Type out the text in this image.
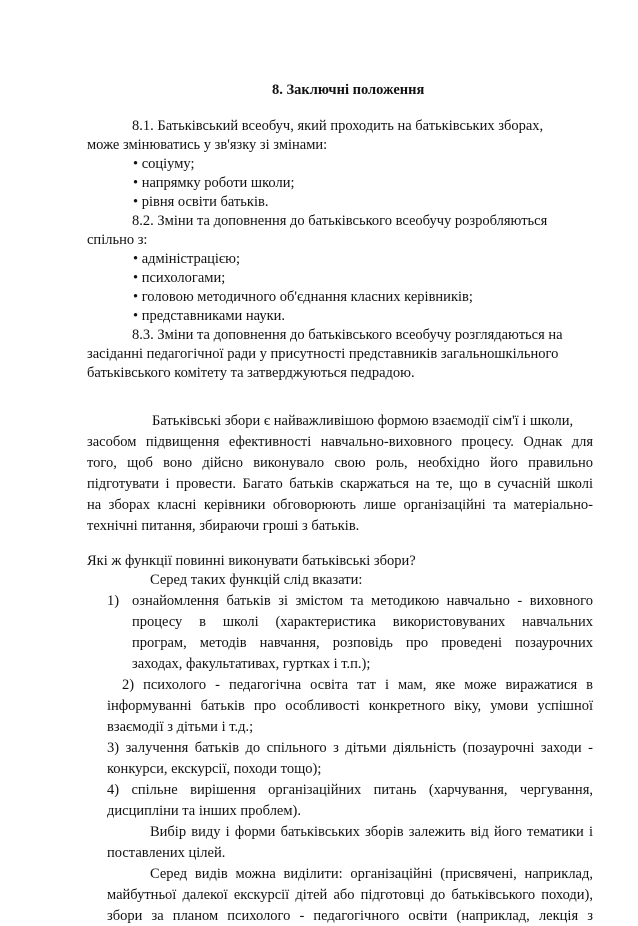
8. Заключні положення
8.1. Батьківський всеобуч, який проходить на батьківських зборах,
може змінюватись у зв'язку зі змінами:
• соціуму;
• напрямку роботи школи;
• рівня освіти батьків.
8.2. Зміни та доповнення до батьківського всеобучу розробляються
спільно з:
• адміністрацією;
• психологами;
• головою методичного об'єднання класних керівників;
• представниками науки.
8.3. Зміни та доповнення до батьківського всеобучу розглядаються на
засіданні педагогічної ради у присутності представників загальношкільного
батьківського комітету та затверджуються педрадою.
Батьківські збори є найважливішою формою взаємодії сім'ї і школи,
засобом підвищення ефективності навчально-виховного процесу. Однак для
того, щоб воно дійсно виконувало свою роль, необхідно його правильно
підготувати і провести. Багато батьків скаржаться на те, що в сучасній школі
на зборах класні керівники обговорюють лише організаційні та матеріально-
технічні питання, збираючи гроші з батьків.
Які ж функції повинні виконувати батьківські збори?
Серед таких функцій слід вказати:
1) ознайомлення батьків зі змістом та методикою навчально - виховного
процесу в школі (характеристика використовуваних навчальних
програм, методів навчання, розповідь про проведені позаурочних
заходах, факультативах, гуртках і т.п.);
2) психолого - педагогічна освіта тат і мам, яке може виражатися в
інформуванні батьків про особливості конкретного віку, умови успішної
взаємодії з дітьми і т.д.;
3) залучення батьків до спільного з дітьми діяльність (позаурочні заходи -
конкурси, екскурсії, походи тощо);
4) спільне вирішення організаційних питань (харчування, чергування,
дисципліни та інших проблем).
Вибір виду і форми батьківських зборів залежить від його тематики і
поставлених цілей.
Серед видів можна виділити: організаційні (присвячені, наприклад,
майбутньої далекої екскурсії дітей або підготовці до батьківського походи),
збори за планом психолого - педагогічного освіти (наприклад, лекція з
